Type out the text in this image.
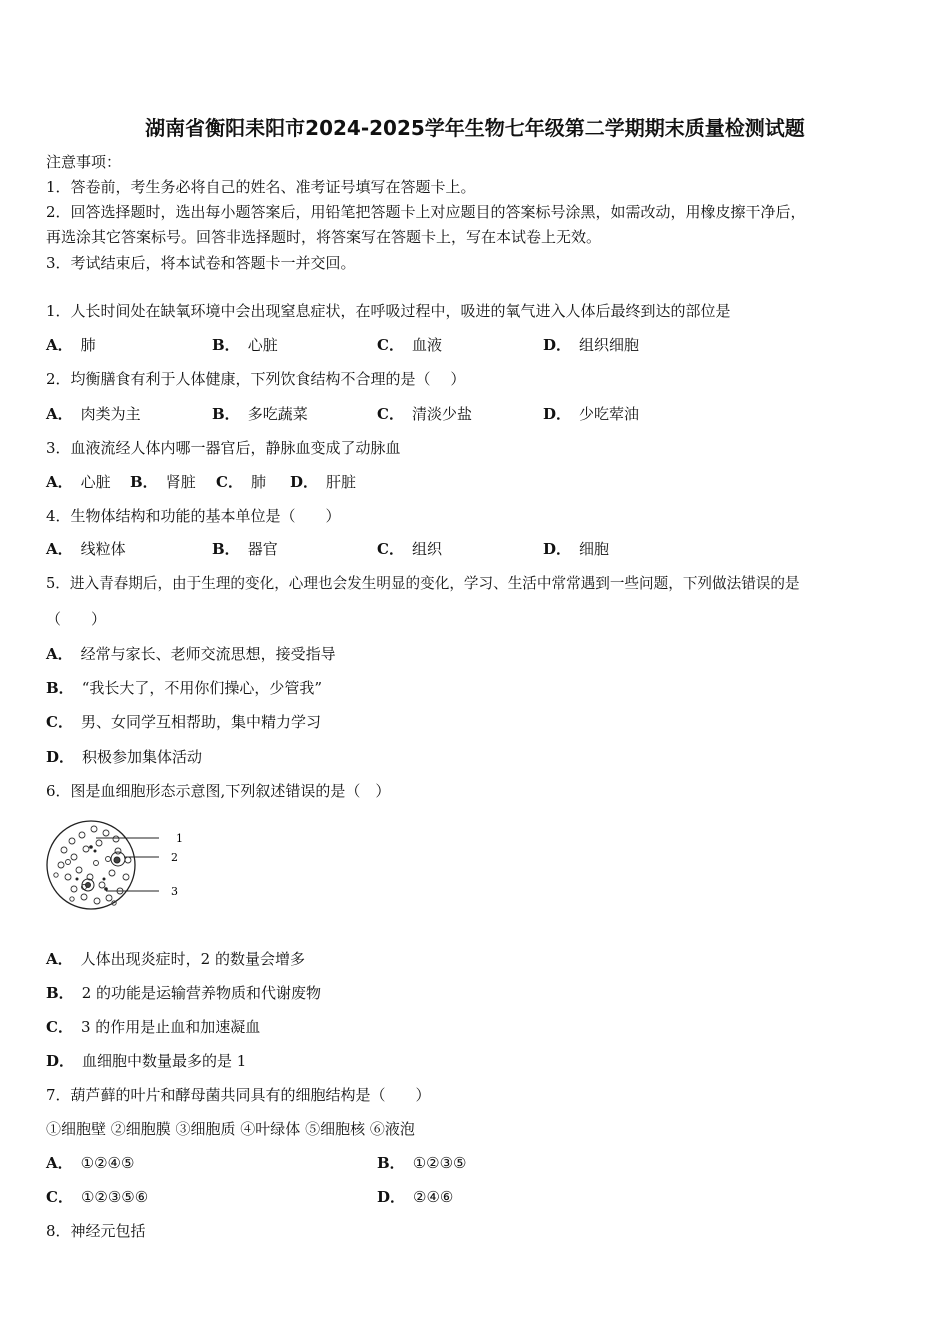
湖南省衡阳耒阳市2024-2025学年生物七年级第二学期期末质量检测试题
注意事项：
1．答卷前，考生务必将自己的姓名、准考证号填写在答题卡上。
2．回答选择题时，选出每小题答案后，用铅笔把答题卡上对应题目的答案标号涂黑，如需改动，用橡皮擦干净后，
再选涂其它答案标号。回答非选择题时，将答案写在答题卡上，写在本试卷上无效。
3．考试结束后，将本试卷和答题卡一并交回。
1．人长时间处在缺氧环境中会出现窒息症状，在呼吸过程中，吸进的氧气进入人体后最终到达的部位是
A． 肺	B． 心脏	C． 血液	D． 组织细胞
2．均衡膳食有利于人体健康，下列饮食结构不合理的是（　 ）
A． 肉类为主	B． 多吃蔬菜	C． 清淡少盐	D． 少吃荤油
3．血液流经人体内哪一器官后，静脉血变成了动脉血
A． 心脏 B． 肾脏 C． 肺 D． 肝脏
4．生物体结构和功能的基本单位是（　　）
A． 线粒体	B． 器官	C． 组织	D． 细胞
5．进入青春期后，由于生理的变化，心理也会发生明显的变化，学习、生活中常常遇到一些问题，下列做法错误的是
（　　）
A． 经常与家长、老师交流思想，接受指导
B． “我长大了，不用你们操心，少管我”
C． 男、女同学互相帮助，集中精力学习
D． 积极参加集体活动
6．图是血细胞形态示意图,下列叙述错误的是（　）
1
2
3
A． 人体出现炎症时，2 的数量会增多
B． 2 的功能是运输营养物质和代谢废物
C． 3 的作用是止血和加速凝血
D． 血细胞中数量最多的是 1
7．葫芦藓的叶片和酵母菌共同具有的细胞结构是（　　）
①细胞壁 ②细胞膜 ③细胞质 ④叶绿体 ⑤细胞核 ⑥液泡
A． ①②④⑤	B． ①②③⑤
C． ①②③⑤⑥	D． ②④⑥
8．神经元包括
